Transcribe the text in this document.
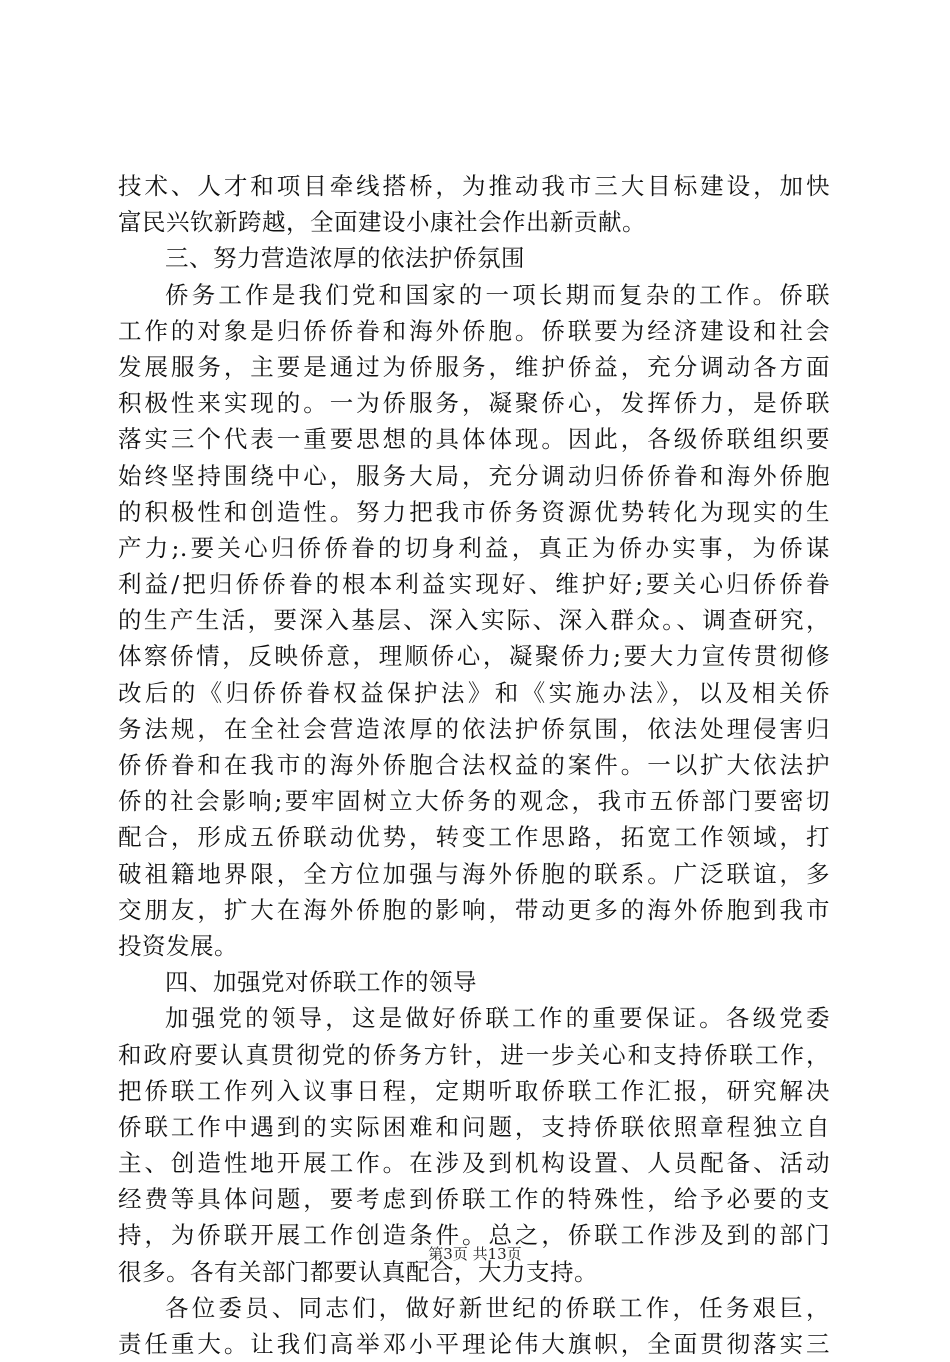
技术、人才和项目牵线搭桥，为推动我市三大目标建设，加快
富民兴钦新跨越，全面建设小康社会作出新贡献。
三、努力营造浓厚的依法护侨氛围
侨务工作是我们党和国家的一项长期而复杂的工作。侨联
工作的对象是归侨侨眷和海外侨胞。侨联要为经济建设和社会
发展服务，主要是通过为侨服务，维护侨益，充分调动各方面
积极性来实现的。一为侨服务，凝聚侨心，发挥侨力，是侨联
落实三个代表一重要思想的具体体现。因此，各级侨联组织要
始终坚持围绕中心，服务大局，充分调动归侨侨眷和海外侨胞
的积极性和创造性。努力把我市侨务资源优势转化为现实的生
产力;.要关心归侨侨眷的切身利益，真正为侨办实事，为侨谋
利益/把归侨侨眷的根本利益实现好、维护好;要关心归侨侨眷
的生产生活，要深入基层、深入实际、深入群众。、调查研究，
体察侨情，反映侨意，理顺侨心，凝聚侨力;要大力宣传贯彻修
改后的《归侨侨眷权益保护法》和《实施办法》，以及相关侨
务法规，在全社会营造浓厚的依法护侨氛围，依法处理侵害归
侨侨眷和在我市的海外侨胞合法权益的案件。一以扩大依法护
侨的社会影响;要牢固树立大侨务的观念，我市五侨部门要密切
配合，形成五侨联动优势，转变工作思路，拓宽工作领域，打
破祖籍地界限，全方位加强与海外侨胞的联系。广泛联谊，多
交朋友，扩大在海外侨胞的影响，带动更多的海外侨胞到我市
投资发展。
四、加强党对侨联工作的领导
加强党的领导，这是做好侨联工作的重要保证。各级党委
和政府要认真贯彻党的侨务方针，进一步关心和支持侨联工作，
把侨联工作列入议事日程，定期听取侨联工作汇报，研究解决
侨联工作中遇到的实际困难和问题，支持侨联依照章程独立自
主、创造性地开展工作。在涉及到机构设置、人员配备、活动
经费等具体问题，要考虑到侨联工作的特殊性，给予必要的支
持，为侨联开展工作创造条件。总之，侨联工作涉及到的部门
很多。各有关部门都要认真配合，大力支持。
各位委员、同志们，做好新世纪的侨联工作，任务艰巨，
责任重大。让我们高举邓小平理论伟大旗帜，全面贯彻落实三
第3页 共13页
